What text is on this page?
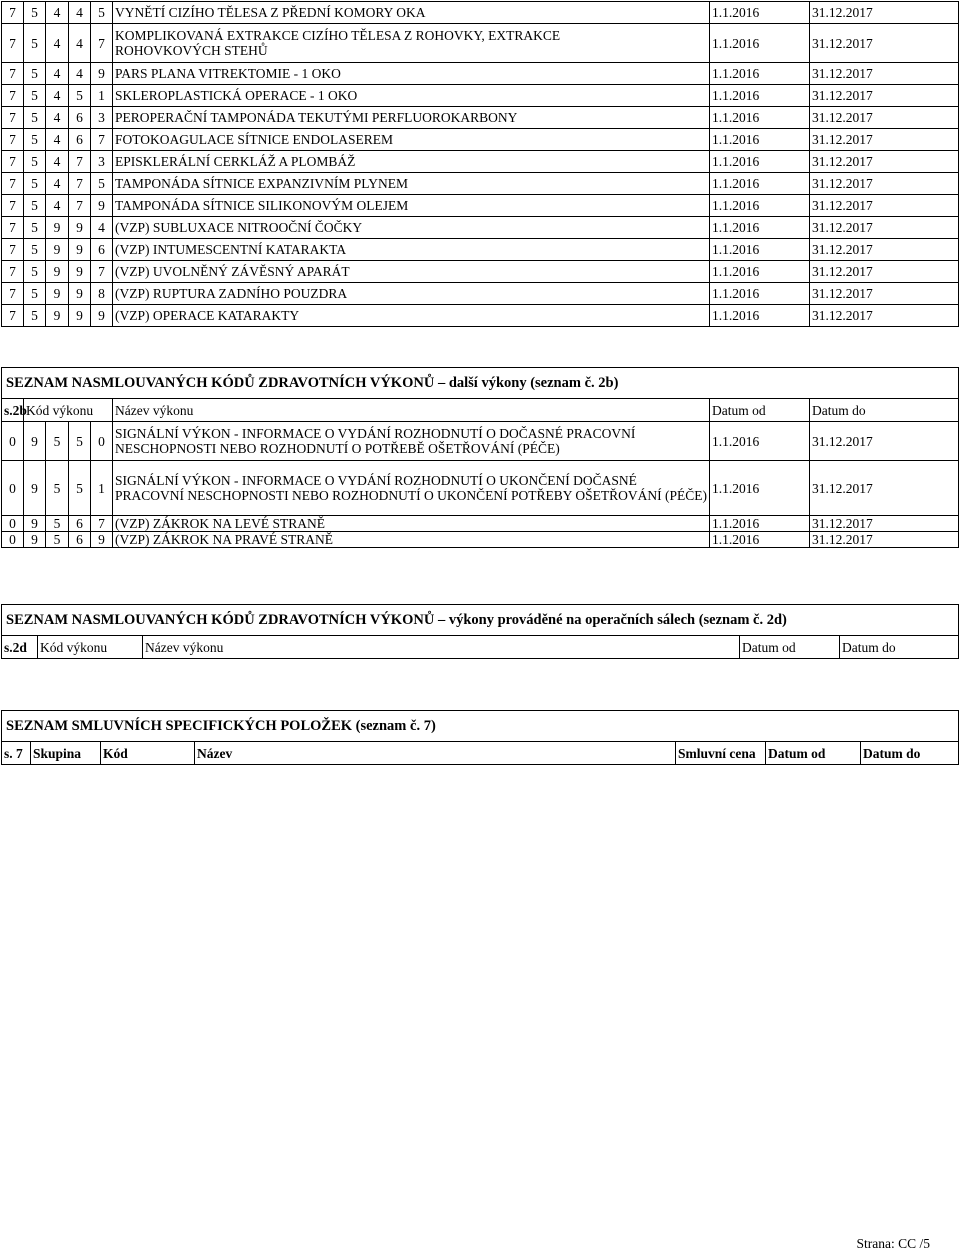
7	5	4	4	5	VYNĚTÍ CIZÍHO TĚLESA Z PŘEDNÍ KOMORY OKA	1.1.2016	31.12.2017
7	5	4	4	7	KOMPLIKOVANÁ EXTRAKCE CIZÍHO TĚLESA Z ROHOVKY, EXTRAKCE ROHOVKOVÝCH STEHŮ	1.1.2016	31.12.2017
7	5	4	4	9	PARS PLANA VITREKTOMIE - 1 OKO	1.1.2016	31.12.2017
7	5	4	5	1	SKLEROPLASTICKÁ OPERACE - 1 OKO	1.1.2016	31.12.2017
7	5	4	6	3	PEROPERAČNÍ TAMPONÁDA TEKUTÝMI PERFLUOROKARBONY	1.1.2016	31.12.2017
7	5	4	6	7	FOTOKOAGULACE SÍTNICE ENDOLASEREM	1.1.2016	31.12.2017
7	5	4	7	3	EPISKLERÁLNÍ CERKLÁŽ A PLOMBÁŽ	1.1.2016	31.12.2017
7	5	4	7	5	TAMPONÁDA SÍTNICE EXPANZIVNÍM PLYNEM	1.1.2016	31.12.2017
7	5	4	7	9	TAMPONÁDA SÍTNICE SILIKONOVÝM OLEJEM	1.1.2016	31.12.2017
7	5	9	9	4	(VZP) SUBLUXACE NITROOČNÍ ČOČKY	1.1.2016	31.12.2017
7	5	9	9	6	(VZP) INTUMESCENTNÍ KATARAKTA	1.1.2016	31.12.2017
7	5	9	9	7	(VZP) UVOLNĚNÝ ZÁVĚSNÝ APARÁT	1.1.2016	31.12.2017
7	5	9	9	8	(VZP) RUPTURA ZADNÍHO POUZDRA	1.1.2016	31.12.2017
7	5	9	9	9	(VZP) OPERACE KATARAKTY	1.1.2016	31.12.2017
SEZNAM NASMLOUVANÝCH KÓDŮ ZDRAVOTNÍCH VÝKONŮ – další výkony (seznam č. 2b)							
s.2b	Kód výkonu				Název výkonu	Datum od	Datum do
0	9	5	5	0	SIGNÁLNÍ VÝKON - INFORMACE O VYDÁNÍ ROZHODNUTÍ O DOČASNÉ PRACOVNÍ NESCHOPNOSTI NEBO ROZHODNUTÍ O POTŘEBĚ OŠETŘOVÁNÍ (PÉČE)	1.1.2016	31.12.2017
0	9	5	5	1	SIGNÁLNÍ VÝKON - INFORMACE O VYDÁNÍ ROZHODNUTÍ O UKONČENÍ DOČASNÉ PRACOVNÍ NESCHOPNOSTI NEBO ROZHODNUTÍ O UKONČENÍ POTŘEBY OŠETŘOVÁNÍ (PÉČE)	1.1.2016	31.12.2017
0	9	5	6	7	(VZP) ZÁKROK NA LEVÉ STRANĚ	1.1.2016	31.12.2017
0	9	5	6	9	(VZP) ZÁKROK NA PRAVÉ STRANĚ	1.1.2016	31.12.2017
SEZNAM NASMLOUVANÝCH KÓDŮ ZDRAVOTNÍCH VÝKONŮ – výkony prováděné na operačních sálech (seznam č. 2d)
s.2d	Kód výkonu	Název výkonu	Datum od	Datum do
SEZNAM SMLUVNÍCH SPECIFICKÝCH POLOŽEK (seznam č. 7)
s. 7	Skupina	Kód	Název	Smluvní cena	Datum od	Datum do
Strana: CC /5
